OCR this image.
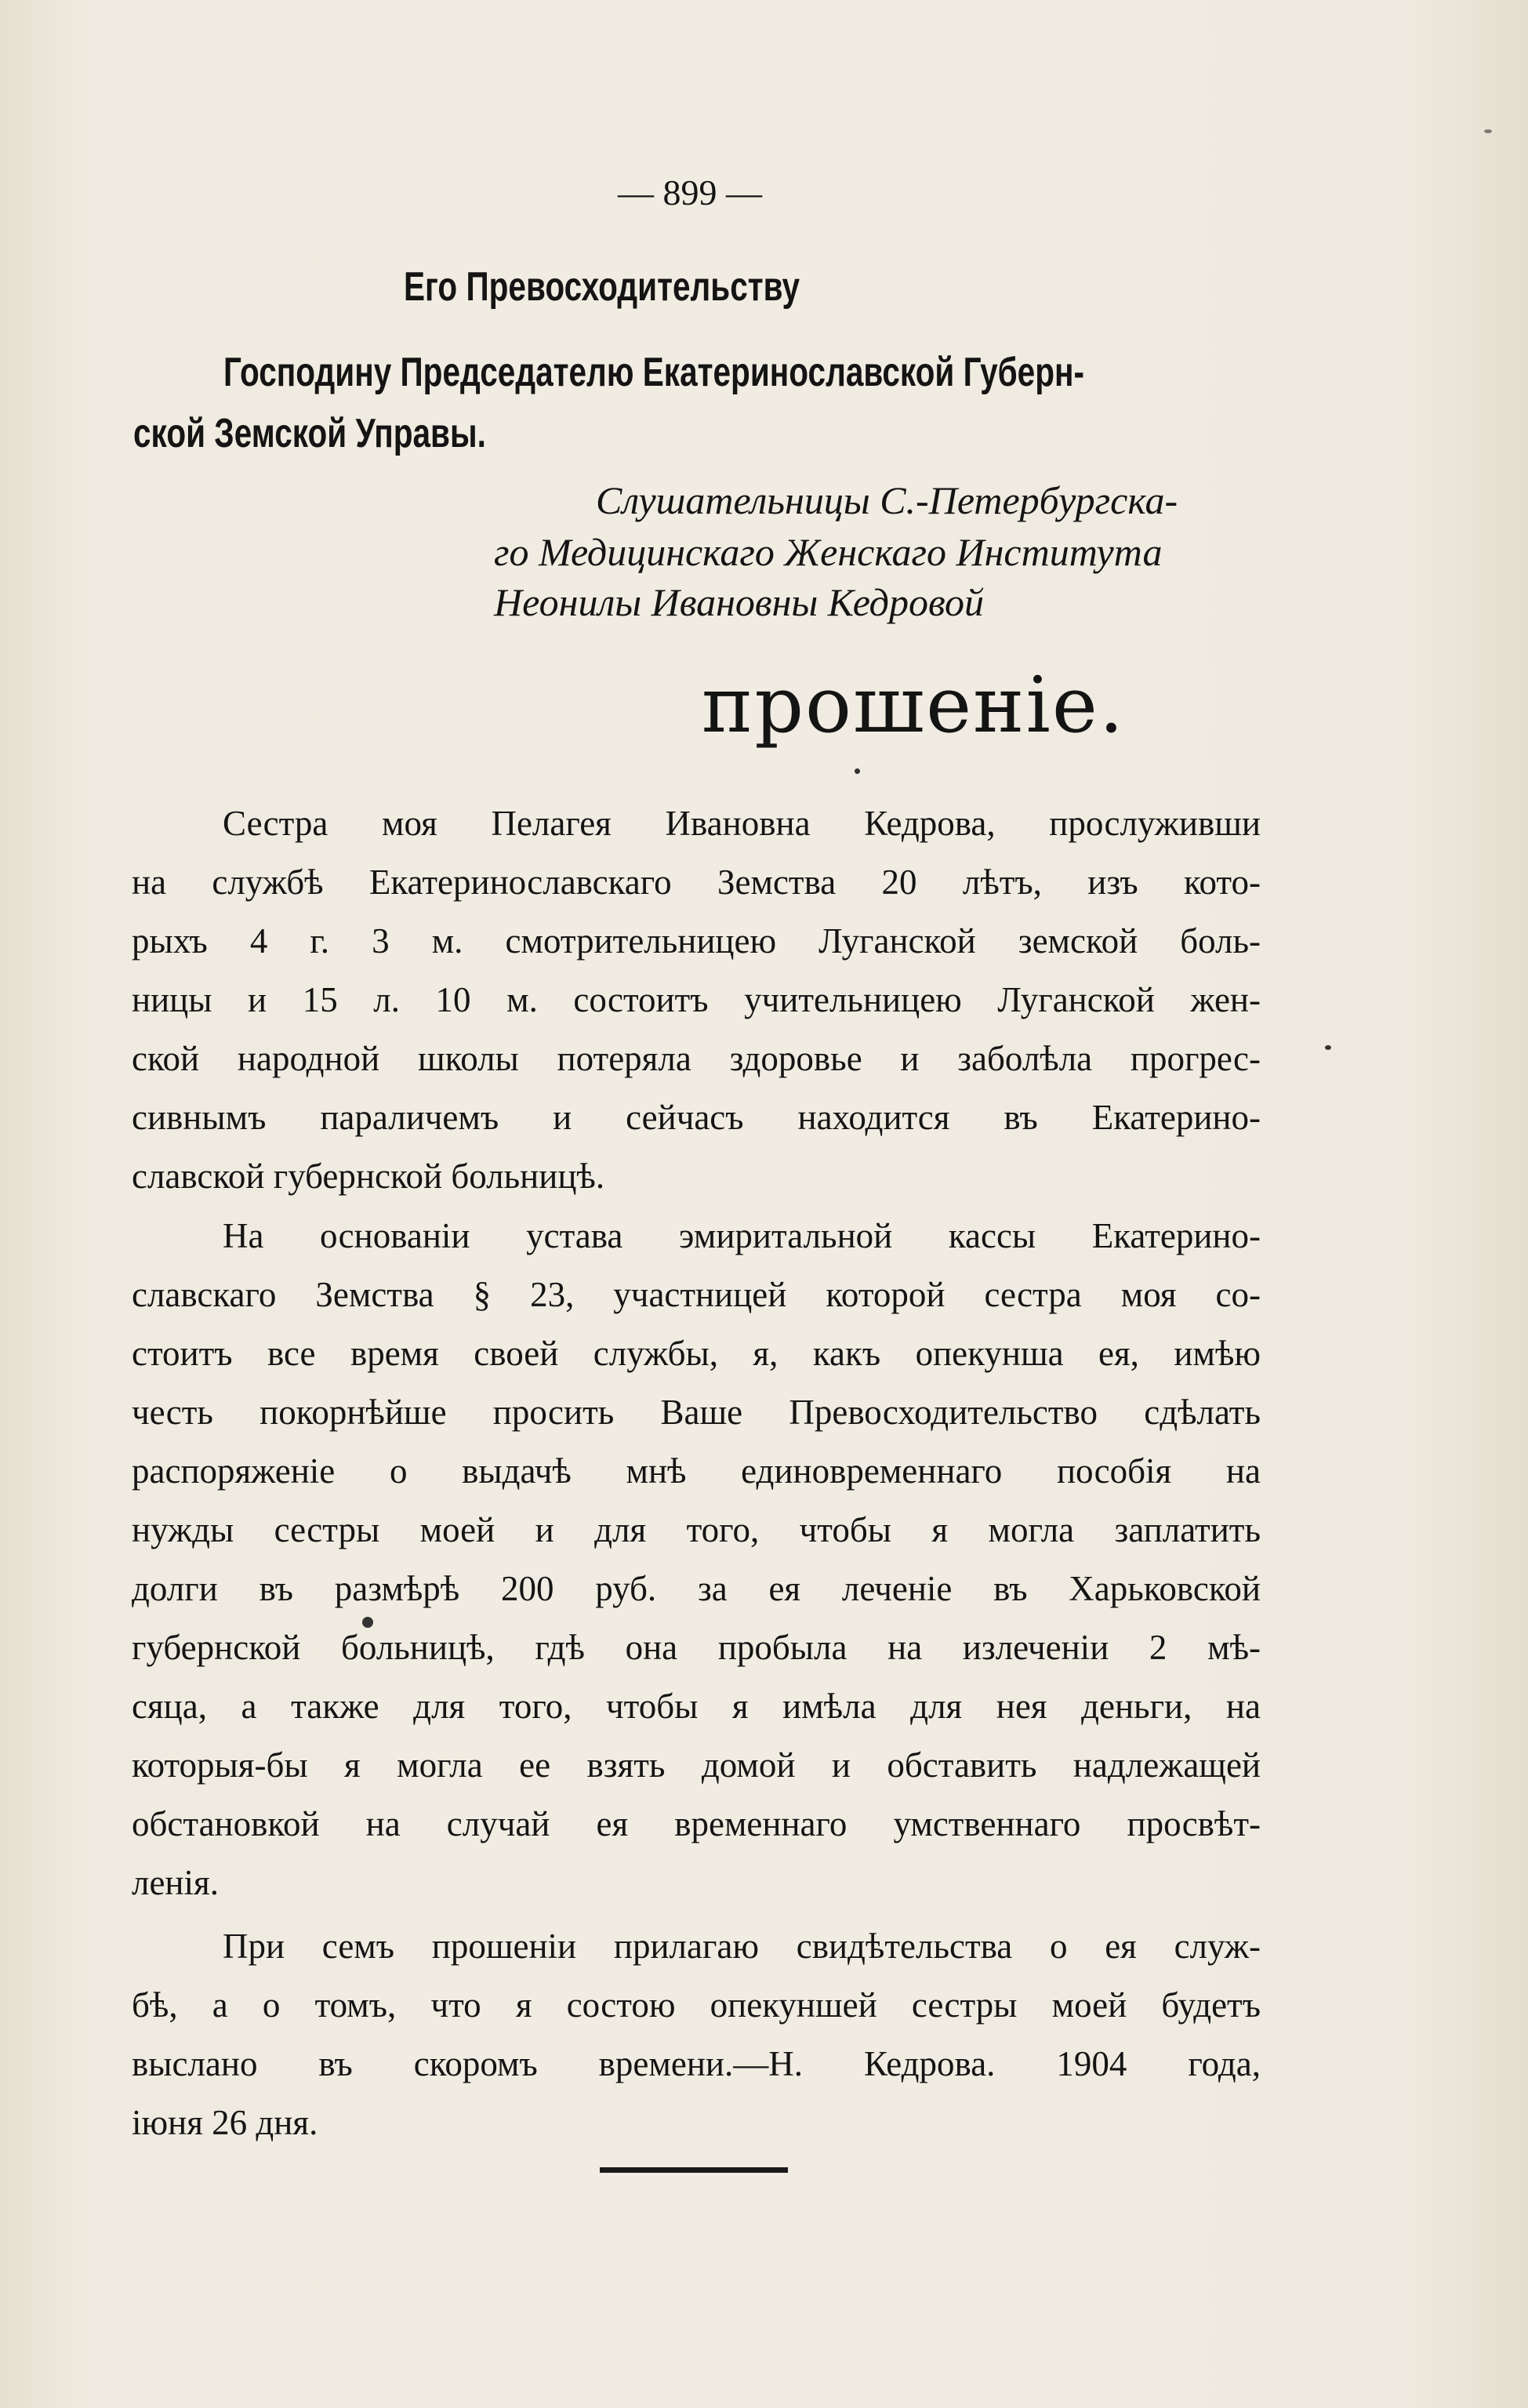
— 899 —
Его Превосходительству
Господину Председателю Екатеринославской Губерн-
ской Земской Управы.
Слушательницы С.-Петербургска-
го Медицинскаго Женскаго Института
Неонилы Ивановны Кедровой
прошеніе.
Сестра моя Пелагея Ивановна Кедрова, прослуживши
на службѣ Екатеринославскаго Земства 20 лѣтъ, изъ кото-
рыхъ 4 г. 3 м. смотрительницею Луганской земской боль-
ницы и 15 л. 10 м. состоитъ учительницею Луганской жен-
ской народной школы потеряла здоровье и заболѣла прогрес-
сивнымъ параличемъ и сейчасъ находится въ Екатерино-
славской губернской больницѣ.
На основаніи устава эмиритальной кассы Екатерино-
славскаго Земства § 23, участницей которой сестра моя со-
стоитъ все время своей службы, я, какъ опекунша ея, имѣю
честь покорнѣйше просить Ваше Превосходительство сдѣлать
распоряженіе о выдачѣ мнѣ единовременнаго пособія на
нужды сестры моей и для того, чтобы я могла заплатить
долги въ размѣрѣ 200 руб. за ея леченіе въ Харьковской
губернской больницѣ, гдѣ она пробыла на излеченіи 2 мѣ-
сяца, а также для того, чтобы я имѣла для нея деньги, на
которыя-бы я могла ее взять домой и обставить надлежащей
обстановкой на случай ея временнаго умственнаго просвѣт-
ленія.
При семъ прошеніи прилагаю свидѣтельства о ея служ-
бѣ, а о томъ, что я состою опекуншей сестры моей будетъ
выслано въ скоромъ времени.—Н. Кедрова. 1904 года,
іюня 26 дня.
